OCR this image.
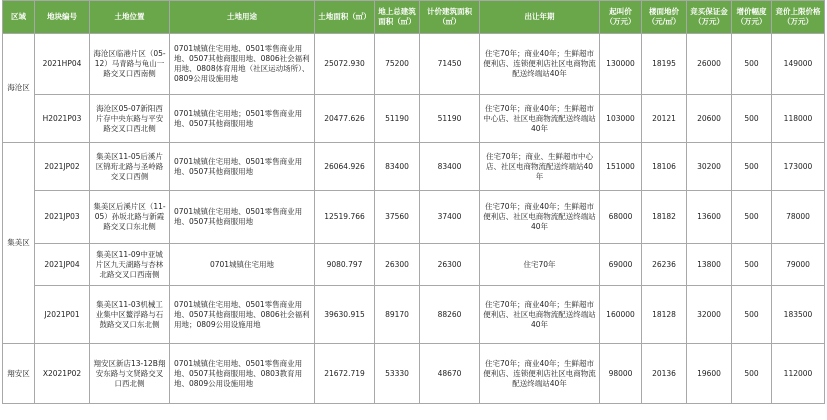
区域	地块编号	土地位置	土地用途	土地面积（㎡）	地上总建筑面积（㎡）	计价建筑面积（㎡）	出让年期	起叫价（万元）	楼面地价（元/㎡）	竞买保证金（万元）	增价幅度（万元）	竞价上限价格（万元）
海沧区	2021HP04	海沧区临港片区（05-12）马青路与龟山一路交叉口西南侧	0701城镇住宅用地、0501零售商业用地、0507其他商服用地、0806社会福利用地、0808体育用地（社区运动场所）、0809公用设施用地	25072.930	75200	71450	住宅70年；商业40年；生鲜超市便利店、连锁便利店社区电商物流配送终端站40年	130000	18195	26000	500	149000
	H2021P03	海沧区05-07新阳西片存中央东路与平安路交叉口西北侧	0701城镇住宅用地；0501零售商业用地、0507其他商服用地	20477.626	51190	51190	住宅70年；商业40年；生鲜超市中心店、社区电商物流配送终端站40年	103000	20121	20600	500	118000
集美区	2021JP02	集美区11-05后溪片区锦珩北路与圣岭路交叉口西侧	0701城镇住宅用地、0501零售商业用地、0507其他商服用地	26064.926	83400	83400	住宅70年；商业、生鲜超市中心店、社区电商物流配送终端站40年	151000	18106	30200	500	173000
	2021JP03	集美区后溪片区（11-05）孙坂北路与新霞路交叉口东北侧	0701城镇住宅用地、0501零售商业用地、0507其他商服用地	12519.766	37560	37400	住宅70年；商业40年；生鲜超市便利店、社区电商物流配送终端站40年	68000	18182	13600	500	78000
	2021JP04	集美区11-09中亚城片区九天湖路与杏林北路交叉口西南侧	0701城镇住宅用地	9080.797	26300	26300	住宅70年	69000	26236	13800	500	79000
	J2021P01	集美区11-03机械工业集中区鳌浮路与石鼓路交叉口东北侧	0701城镇住宅用地、0501零售商业用地、0507其他商服用地、0806社会福利用地；0809公用设施用地	39630.915	89170	88260	住宅70年；商业40年；生鲜超市便利店、社区电商物流配送终端站40年	160000	18128	32000	500	183500
翔安区	X2021P02	翔安区新店13-12B翔安东路与文贤路交叉口西北侧	0701城镇住宅用地、0501零售商业用地、0507其他商服用地、0803教育用地、0809公用设施用地	21672.719	53330	48670	住宅70年；商业40年；生鲜超市便利店、连锁便利店社区电商物流配送终端站40年	98000	20136	19600	500	112000
